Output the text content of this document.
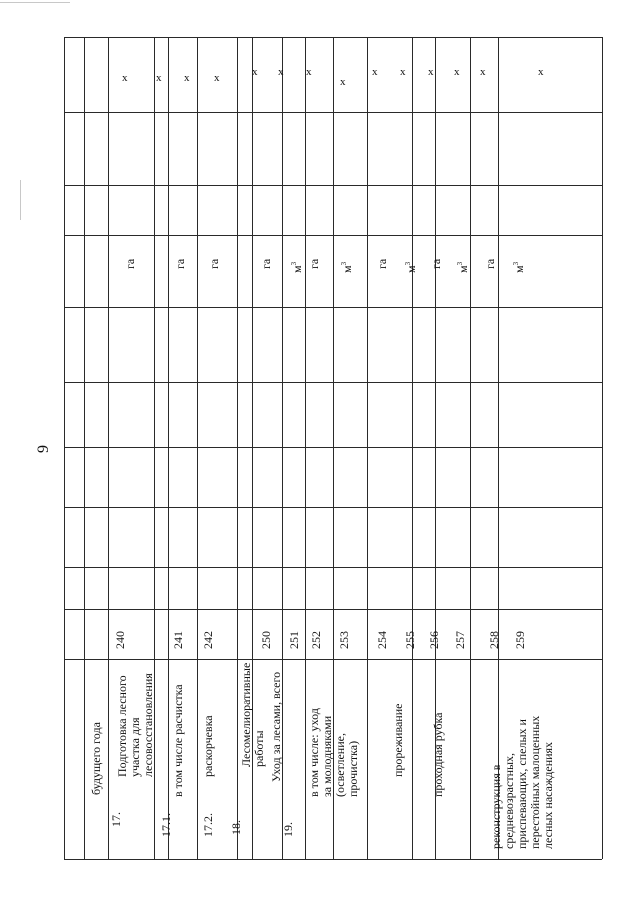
9
будущего года
17.
Подготовка лесного участка для лесовосстановления
240
га
x
17.1.
в том числе расчистка
241
га
x x
17.2.
раскорчевка
242
га
x
18.
Лесомелиоративные работы
19.
Уход за лесами, всего
250 251
га
$м^3$
x x
в том числе: уход за молодняками (осветление, прочистка)
252 253
га
$м^3$
x
x
прореживание
254 255
га
$м^3$
x x
проходная рубка
256 257
га
$м^3$
x x
реконструкция в средневозрастных, приспевающих, спелых и перестойных малоценных лесных насаждениях
258 259
га
$м^3$
x	x
